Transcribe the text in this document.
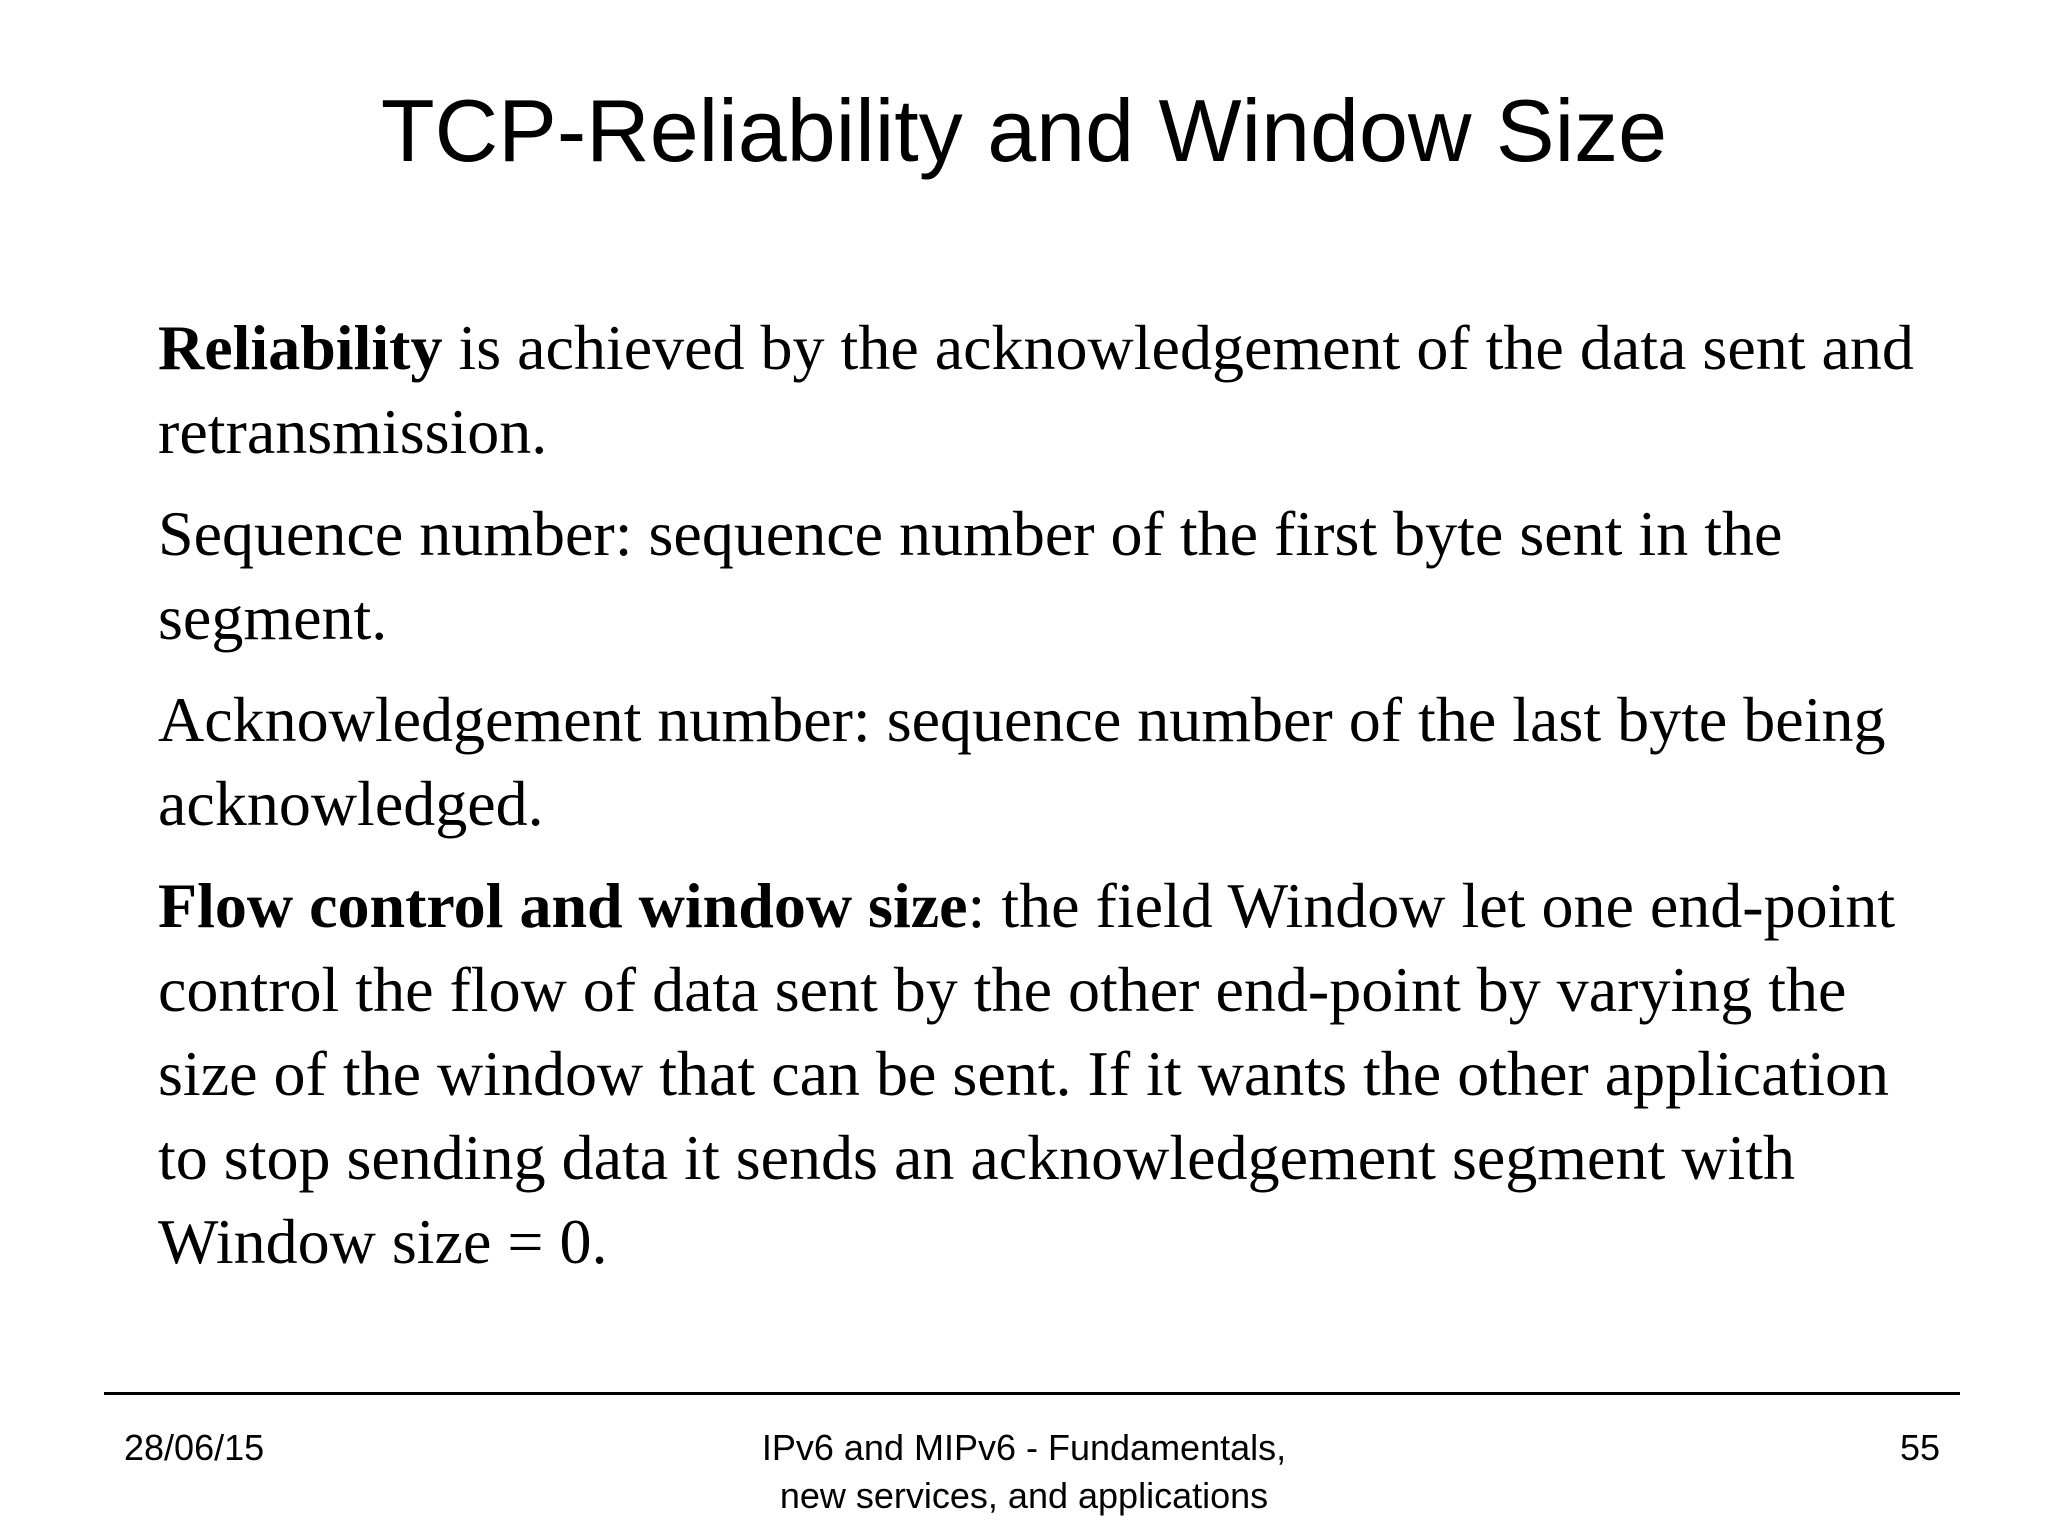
TCP-Reliability and Window Size

Reliability is achieved by the acknowledgement of the data sent and retransmission.

Sequence number: sequence number of the first byte sent in the segment.

Acknowledgement number: sequence number of the last byte being acknowledged.

Flow control and window size: the field Window let one end-point control the flow of data sent by the other end-point by varying the size of the window that can be sent. If it wants the other application to stop sending data it sends an acknowledgement segment with Window size = 0.

28/06/15	IPv6 and MIPv6 - Fundamentals,
new services, and applications
55
